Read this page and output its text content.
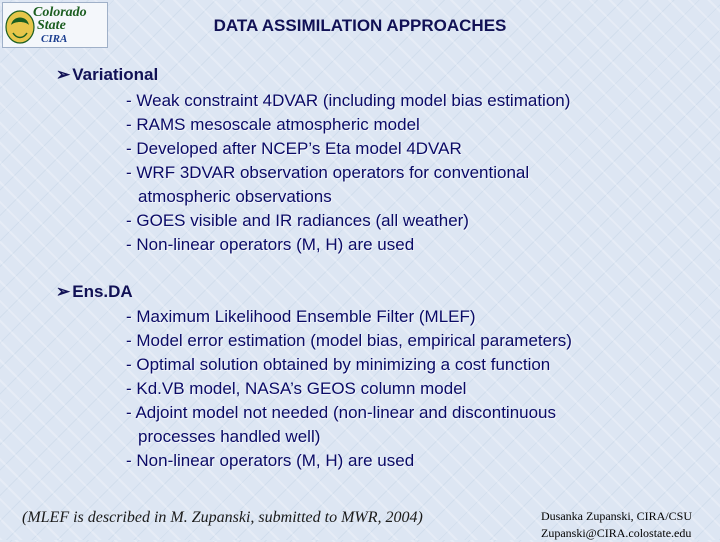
Colorado
State
CIRA
DATA ASSIMILATION APPROACHES
➢ Variational
- Weak constraint 4DVAR (including model bias estimation)
- RAMS mesoscale atmospheric model
- Developed after NCEP’s Eta model 4DVAR
- WRF 3DVAR observation operators for conventional
atmospheric observations
- GOES visible and IR radiances (all weather)
- Non-linear operators (M, H) are used
➢ Ens.DA
- Maximum Likelihood Ensemble Filter (MLEF)
- Model error estimation (model bias, empirical parameters)
- Optimal solution obtained by minimizing a cost function
- Kd.VB model, NASA’s GEOS column model
- Adjoint model not needed (non-linear and discontinuous
processes handled well)
- Non-linear operators (M, H) are used
(MLEF is described in M. Zupanski, submitted to MWR, 2004)	Dusanka Zupanski, CIRA/CSU
Zupanski@CIRA.colostate.edu
